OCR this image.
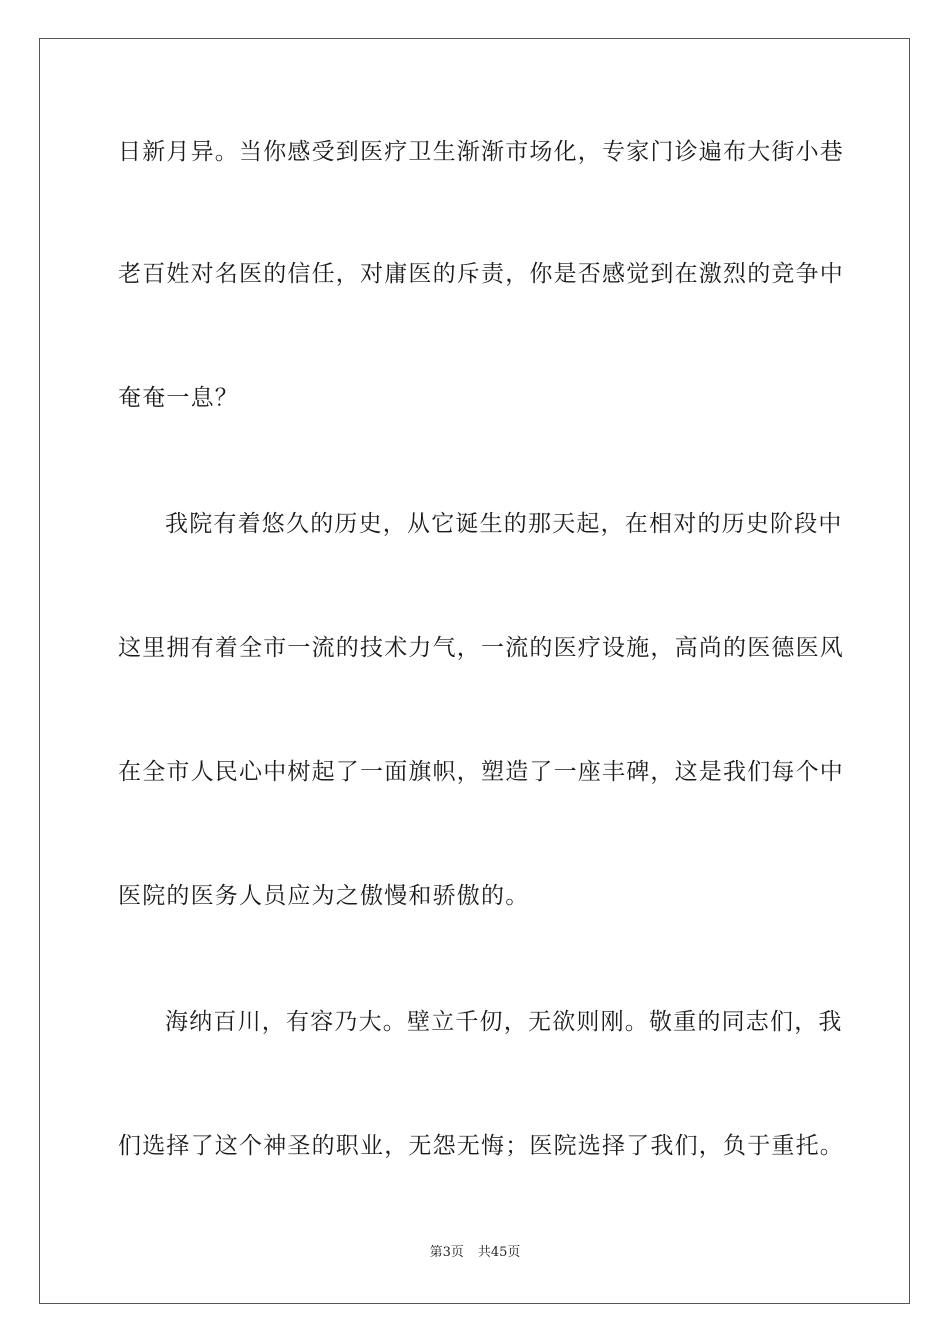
日新月异。当你感受到医疗卫生渐渐市场化，专家门诊遍布大街小巷
老百姓对名医的信任，对庸医的斥责，你是否感觉到在激烈的竞争中
奄奄一息？
我院有着悠久的历史，从它诞生的那天起，在相对的历史阶段中
这里拥有着全市一流的技术力气，一流的医疗设施，高尚的医德医风
在全市人民心中树起了一面旗帜，塑造了一座丰碑，这是我们每个中
医院的医务人员应为之傲慢和骄傲的。
海纳百川，有容乃大。壁立千仞，无欲则刚。敬重的同志们，我
们选择了这个神圣的职业，无怨无悔；医院选择了我们，负于重托。
第3页 共45页
